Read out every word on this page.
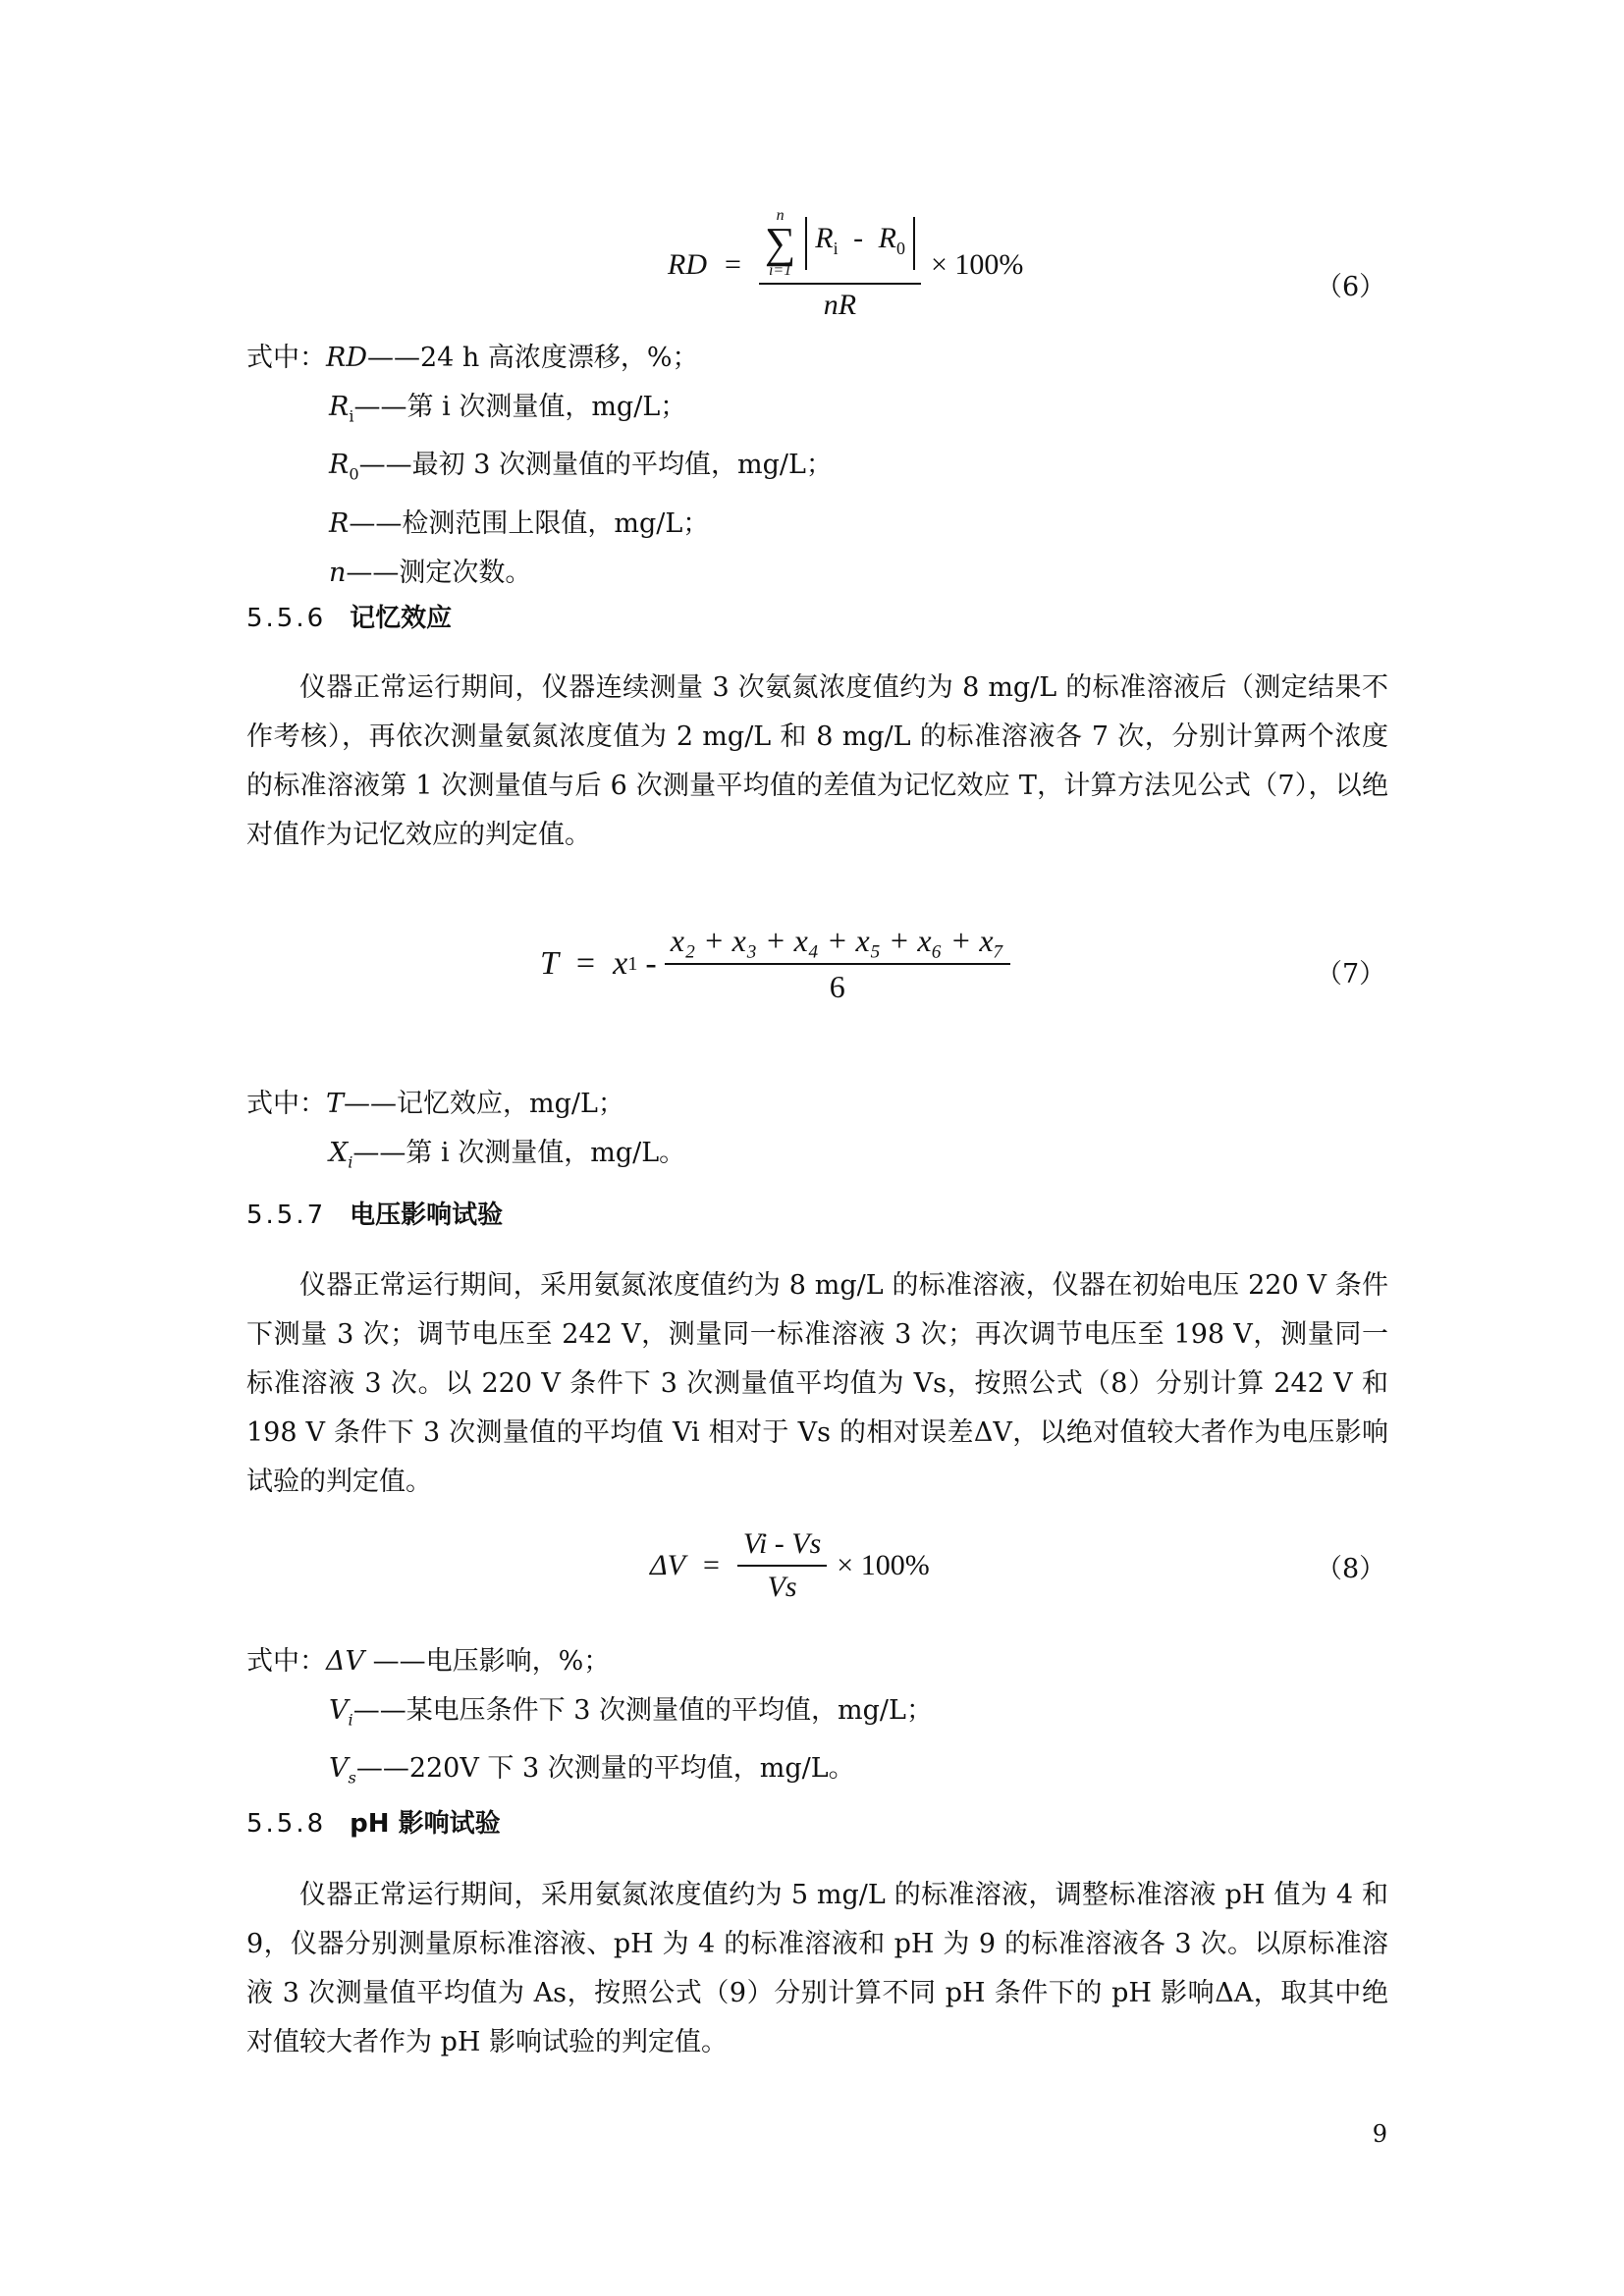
RD =
n
∑
i=1
$R_i - R_0$
nR
× 100%
（6）
式中：RD——24 h 高浓度漂移，%；
$R_i——$第 i 次测量值，mg/L；
$R_0——$最初 3 次测量值的平均值，mg/L；
R——检测范围上限值，mg/L；
n——测定次数。
5.5.6 记忆效应
仪器正常运行期间，仪器连续测量 3 次氨氮浓度值约为 8 mg/L 的标准溶液后（测定结果不作考核），再依次测量氨氮浓度值为 2 mg/L 和 8 mg/L 的标准溶液各 7 次，分别计算两个浓度的标准溶液第 1 次测量值与后 6 次测量平均值的差值为记忆效应 T，计算方法见公式（7），以绝对值作为记忆效应的判定值。
T = x $1 - \frac{\text{x₂ + x₃ + x₄ + x₅ + x₆ + x₇}}{6}$	（7）
式中：T——记忆效应，mg/L；
$X_i——$第 i 次测量值，mg/L。
5.5.7 电压影响试验
仪器正常运行期间，采用氨氮浓度值约为 8 mg/L 的标准溶液，仪器在初始电压 220 V 条件下测量 3 次；调节电压至 242 V，测量同一标准溶液 3 次；再次调节电压至 198 V，测量同一标准溶液 3 次。以 220 V 条件下 3 次测量值平均值为 Vs，按照公式（8）分别计算 242 V 和 198 V 条件下 3 次测量值的平均值 Vi 相对于 Vs 的相对误差ΔV，以绝对值较大者作为电压影响试验的判定值。
$\Delta V = \frac{Vi - Vs}{Vs} \times 100\%$	（8）
式中：ΔV ——电压影响，%；
$V_i——$某电压条件下 3 次测量值的平均值，mg/L；
$V_s——220V$ 下 3 次测量的平均值，mg/L。
5.5.8 pH 影响试验
仪器正常运行期间，采用氨氮浓度值约为 5 mg/L 的标准溶液，调整标准溶液 pH 值为 4 和 9，仪器分别测量原标准溶液、pH 为 4 的标准溶液和 pH 为 9 的标准溶液各 3 次。以原标准溶液 3 次测量值平均值为 As，按照公式（9）分别计算不同 pH 条件下的 pH 影响ΔA，取其中绝对值较大者作为 pH 影响试验的判定值。
9
